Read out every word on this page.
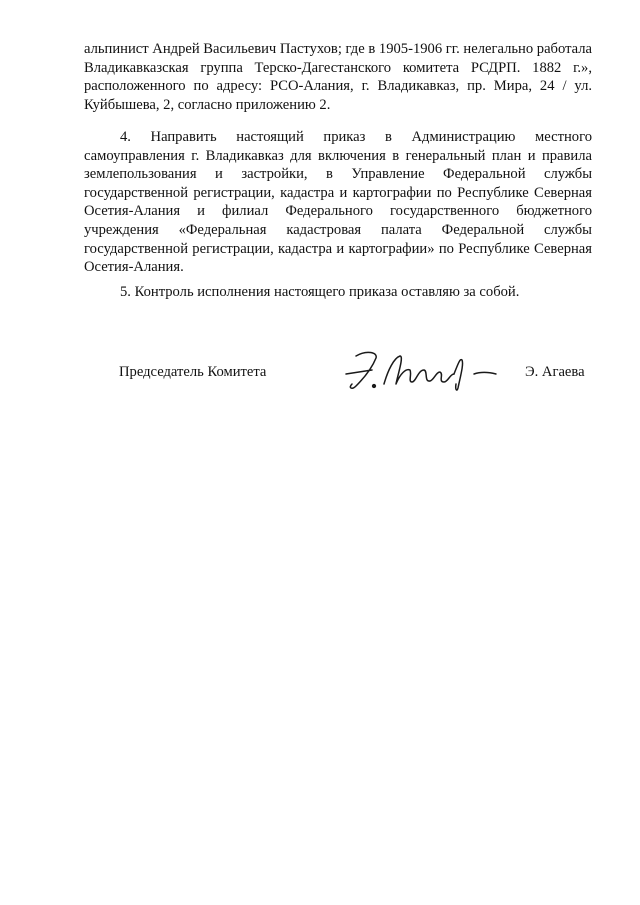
альпинист Андрей Васильевич Пастухов; где в 1905-1906 гг. нелегально работала Владикавказская группа Терско-Дагестанского комитета РСДРП. 1882 г.», расположенного по адресу: РСО-Алания, г. Владикавказ, пр. Мира, 24 / ул. Куйбышева, 2, согласно приложению 2.

4. Направить настоящий приказ в Администрацию местного самоуправления г. Владикавказ для включения в генеральный план и правила землепользования и застройки, в Управление Федеральной службы государственной регистрации, кадастра и картографии по Республике Северная Осетия-Алания и филиал Федерального государственного бюджетного учреждения «Федеральная кадастровая палата Федеральной службы государственной регистрации, кадастра и картографии» по Республике Северная Осетия-Алания.

5. Контроль исполнения настоящего приказа оставляю за собой.

Председатель Комитета	Э. Агаева
